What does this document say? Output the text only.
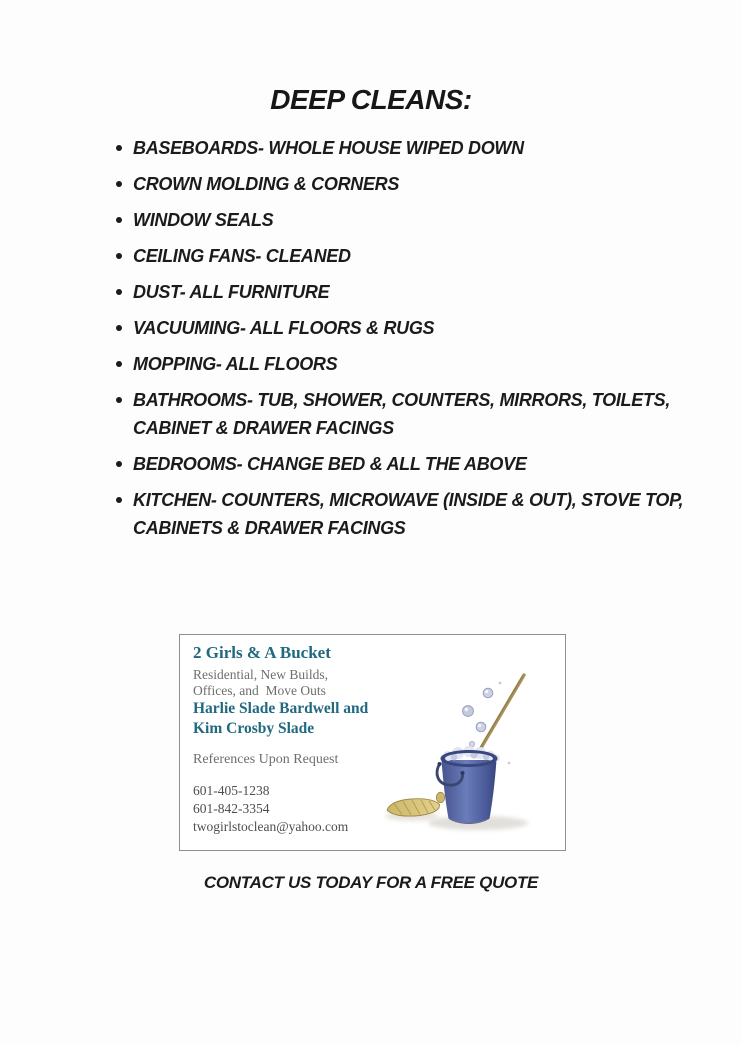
DEEP CLEANS:
BASEBOARDS- WHOLE HOUSE WIPED DOWN
CROWN MOLDING & CORNERS
WINDOW SEALS
CEILING FANS- CLEANED
DUST- ALL FURNITURE
VACUUMING- ALL FLOORS & RUGS
MOPPING- ALL FLOORS
BATHROOMS- TUB, SHOWER, COUNTERS, MIRRORS, TOILETS, CABINET & DRAWER FACINGS
BEDROOMS- CHANGE BED & ALL THE ABOVE
KITCHEN- COUNTERS, MICROWAVE (INSIDE & OUT), STOVE TOP, CABINETS & DRAWER FACINGS
2 Girls & A Bucket
Residential, New Builds,
Offices, and  Move Outs
Harlie Slade Bardwell and
Kim Crosby Slade
References Upon Request
601-405-1238
601-842-3354
twogirlstoclean@yahoo.com
CONTACT US TODAY FOR A FREE QUOTE
